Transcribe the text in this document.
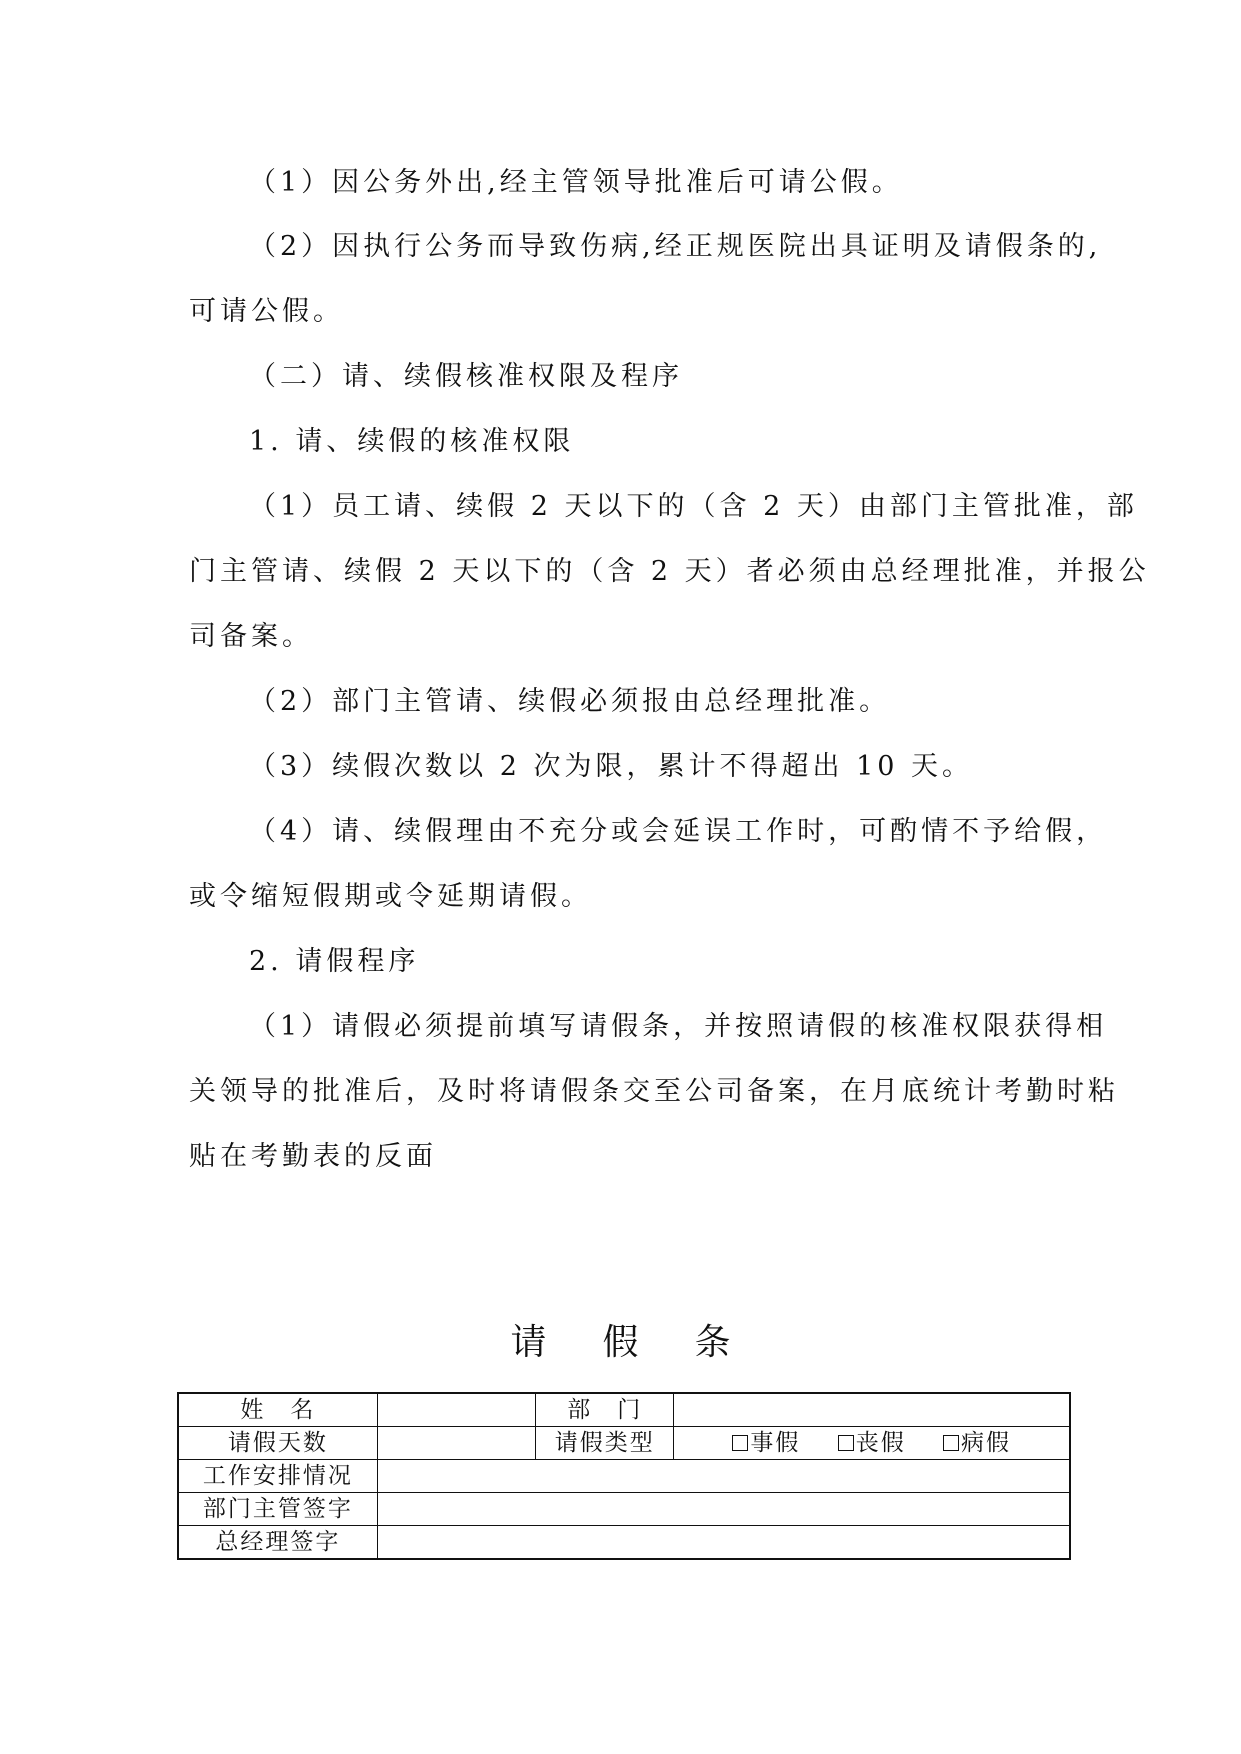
（1）因公务外出,经主管领导批准后可请公假。
（2）因执行公务而导致伤病,经正规医院出具证明及请假条的,
可请公假。
（二）请、续假核准权限及程序
1. 请、续假的核准权限
（1）员工请、续假 2 天以下的（含 2 天）由部门主管批准，部
门主管请、续假 2 天以下的（含 2 天）者必须由总经理批准，并报公
司备案。
（2）部门主管请、续假必须报由总经理批准。
（3）续假次数以 2 次为限，累计不得超出 10 天。
（4）请、续假理由不充分或会延误工作时，可酌情不予给假，
或令缩短假期或令延期请假。
2. 请假程序
（1）请假必须提前填写请假条，并按照请假的核准权限获得相
关领导的批准后，及时将请假条交至公司备案，在月底统计考勤时粘
贴在考勤表的反面
请 假 条
姓　名		部　门	
请假天数		请假类型	事假 丧假 病假
工作安排情况			
部门主管签字			
总经理签字			
